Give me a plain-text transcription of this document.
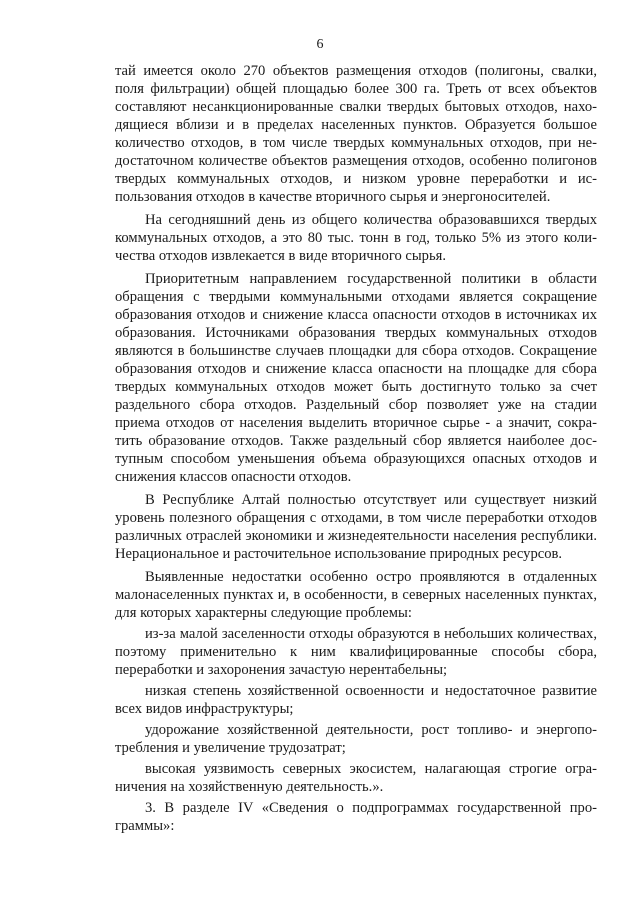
6

тай имеется около 270 объектов размещения отходов (полигоны, свалки, поля фильтрации) общей площадью более 300 га. Треть от всех объектов составляют несанкционированные свалки твердых бытовых отходов, находящиеся вблизи и в пределах населенных пунктов. Образуется большое количество отходов, в том числе твердых коммунальных отходов, при недостаточном количестве объектов размещения отходов, особенно полигонов твердых коммунальных отходов, и низком уровне переработки и использования отходов в качестве вторичного сырья и энергоносителей.

На сегодняшний день из общего количества образовавшихся твердых коммунальных отходов, а это 80 тыс. тонн в год, только 5% из этого количества отходов извлекается в виде вторичного сырья.

Приоритетным направлением государственной политики в области обращения с твердыми коммунальными отходами является сокращение образования отходов и снижение класса опасности отходов в источниках их образования. Источниками образования твердых коммунальных отходов являются в большинстве случаев площадки для сбора отходов. Сокращение образования отходов и снижение класса опасности на площадке для сбора твердых коммунальных отходов может быть достигнуто только за счет раздельного сбора отходов. Раздельный сбор позволяет уже на стадии приема отходов от населения выделить вторичное сырье - а значит, сократить образование отходов. Также раздельный сбор является наиболее доступным способом уменьшения объема образующихся опасных отходов и снижения классов опасности отходов.

В Республике Алтай полностью отсутствует или существует низкий уровень полезного обращения с отходами, в том числе переработки отходов различных отраслей экономики и жизнедеятельности населения республики. Нерациональное и расточительное использование природных ресурсов.

Выявленные недостатки особенно остро проявляются в отдаленных малонаселенных пунктах и, в особенности, в северных населенных пунктах, для которых характерны следующие проблемы:

из-за малой заселенности отходы образуются в небольших количествах, поэтому применительно к ним квалифицированные способы сбора, переработки и захоронения зачастую нерентабельны;

низкая степень хозяйственной освоенности и недостаточное развитие всех видов инфраструктуры;

удорожание хозяйственной деятельности, рост топливо- и энергопотребления и увеличение трудозатрат;

высокая уязвимость северных экосистем, налагающая строгие ограничения на хозяйственную деятельность.».

3. В разделе IV «Сведения о подпрограммах государственной программы»:
